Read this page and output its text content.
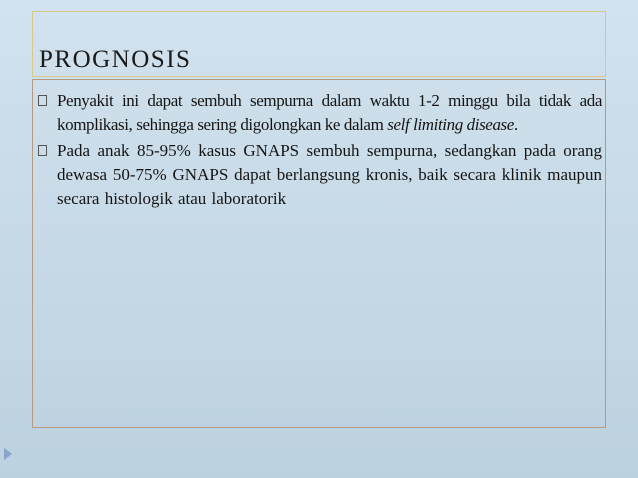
PROGNOSIS
Penyakit ini dapat sembuh sempurna dalam waktu 1-2 minggu bila tidak ada komplikasi, sehingga sering digolongkan ke dalam self limiting disease.
Pada anak 85-95% kasus GNAPS sembuh sempurna, sedangkan pada orang dewasa 50-75% GNAPS dapat berlangsung kronis, baik secara klinik maupun secara histologik atau laboratorik
